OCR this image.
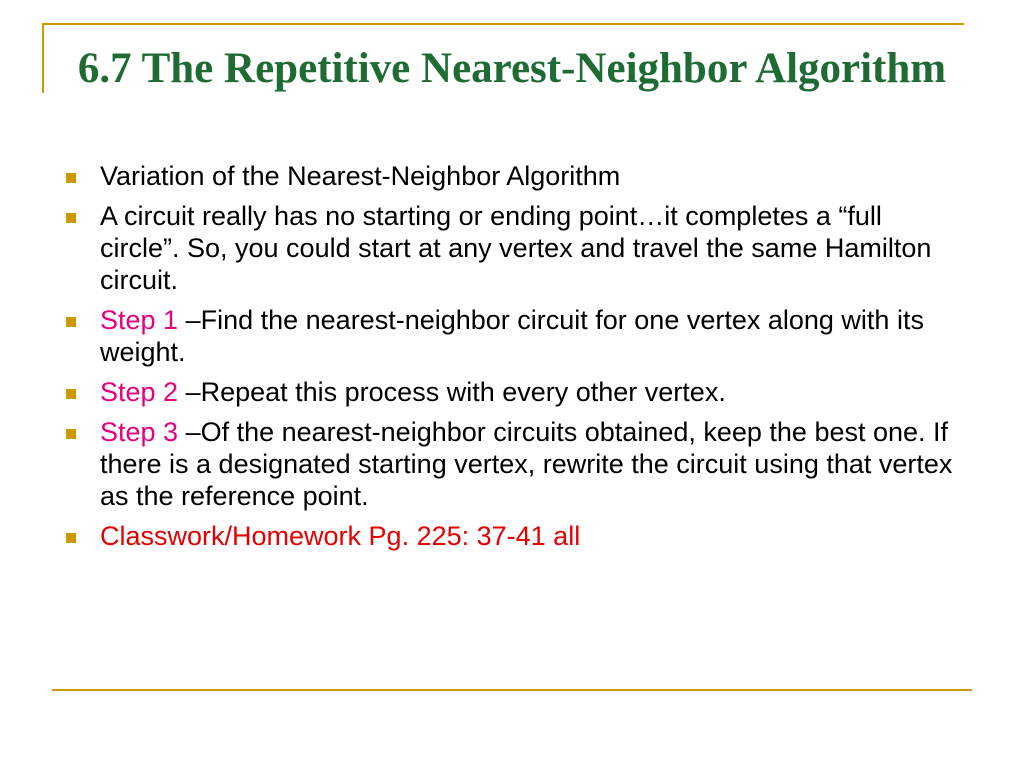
6.7 The Repetitive Nearest-Neighbor Algorithm
Variation of the Nearest-Neighbor Algorithm
A circuit really has no starting or ending point…it completes a “full circle”. So, you could start at any vertex and travel the same Hamilton circuit.
Step 1 –Find the nearest-neighbor circuit for one vertex along with its weight.
Step 2 –Repeat this process with every other vertex.
Step 3 –Of the nearest-neighbor circuits obtained, keep the best one. If there is a designated starting vertex, rewrite the circuit using that vertex as the reference point.
Classwork/Homework Pg. 225: 37-41 all
